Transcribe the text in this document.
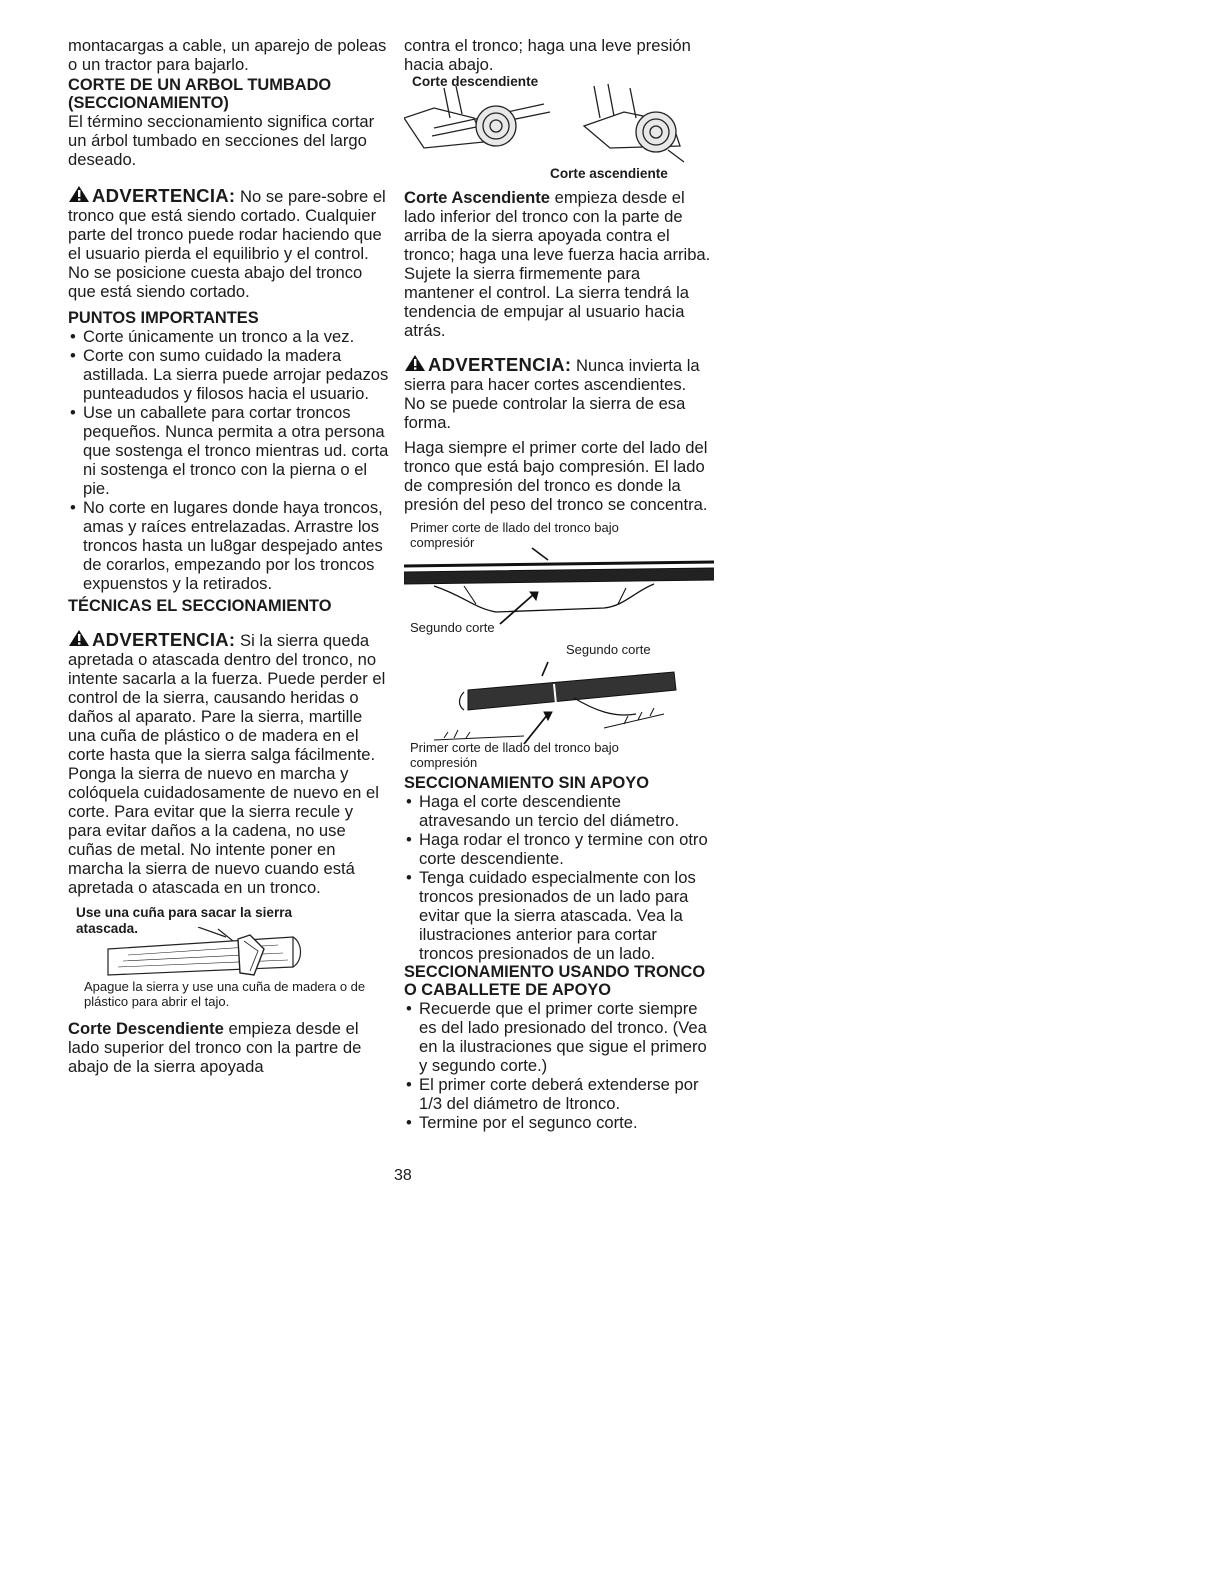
montacargas a cable, un aparejo de poleas o un tractor para bajarlo.

CORTE DE UN ARBOL TUMBADO (SECCIONAMIENTO)

El término seccionamiento significa cortar un árbol tumbado en secciones del largo deseado.

ADVERTENCIA: No se pare-sobre el tronco que está siendo cortado. Cualquier parte del tronco puede rodar haciendo que el usuario pierda el equilibrio y el control. No se posicione cuesta abajo del tronco que está siendo cortado.

PUNTOS IMPORTANTES

• Corte únicamente un tronco a la vez.
• Corte con sumo cuidado la madera astillada. La sierra puede arrojar pedazos punteadudos y filosos hacia el usuario.
• Use un caballete para cortar troncos pequeños. Nunca permita a otra persona que sostenga el tronco mientras ud. corta ni sostenga el tronco con la pierna o el pie.
• No corte en lugares donde haya troncos, amas y raíces entrelazadas. Arrastre los troncos hasta un lu8gar despejado antes de corarlos, empezando por los troncos expuenstos y la retirados.

TÉCNICAS EL SECCIONAMIENTO

ADVERTENCIA: Si la sierra queda apretada o atascada dentro del tronco, no intente sacarla a la fuerza. Puede perder el control de la sierra, causando heridas o daños al aparato. Pare la sierra, martille una cuña de plástico o de madera en el corte hasta que la sierra salga fácilmente. Ponga la sierra de nuevo en marcha y colóquela cuidadosamente de nuevo en el corte. Para evitar que la sierra recule y para evitar daños a la cadena, no use cuñas de metal. No intente poner en marcha la sierra de nuevo cuando está apretada o atascada en un tronco.

Use una cuña para sacar la sierra atascada.
Apague la sierra y use una cuña de madera o de plástico para abrir el tajo.

Corte Descendiente empieza desde el lado superior del tronco con la partre de abajo de la sierra apoyada

contra el tronco; haga una leve presión hacia abajo.

Corte descendiente
Corte ascendiente

Corte Ascendiente empieza desde el lado inferior del tronco con la parte de arriba de la sierra apoyada contra el tronco; haga una leve fuerza hacia arriba. Sujete la sierra firmemente para mantener el control. La sierra tendrá la tendencia de empujar al usuario hacia atrás.

ADVERTENCIA: Nunca invierta la sierra para hacer cortes ascendientes. No se puede controlar la sierra de esa forma.

Haga siempre el primer corte del lado del tronco que está bajo compresión. El lado de compresión del tronco es donde la presión del peso del tronco se concentra.

Primer corte de llado del tronco bajo compresiór
Segundo corte
Segundo corte
Primer corte de llado del tronco bajo compresión

SECCIONAMIENTO SIN APOYO

• Haga el corte descendiente atravesando un tercio del diámetro.
• Haga rodar el tronco y termine con otro corte descendiente.
• Tenga cuidado especialmente con los troncos presionados de un lado para evitar que la sierra atascada. Vea la ilustraciones anterior para cortar troncos presionados de un lado.

SECCIONAMIENTO USANDO TRONCO O CABALLETE DE APOYO

• Recuerde que el primer corte siempre es del lado presionado del tronco. (Vea en la ilustraciones que sigue el primero y segundo corte.)
• El primer corte deberá extenderse por 1/3 del diámetro de ltronco.
• Termine por el segunco corte.
38
